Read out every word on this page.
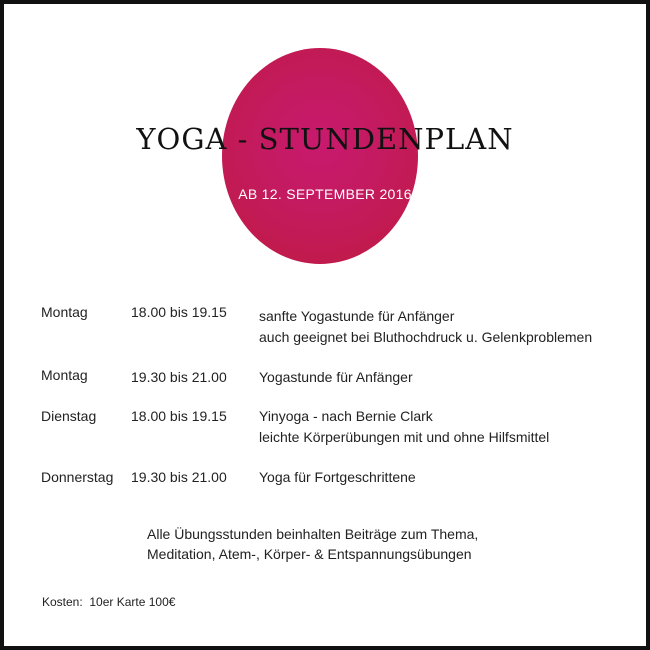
YOGA - STUNDENPLAN
AB 12. SEPTEMBER 2016
Montag	18.00 bis 19.15 sanfte Yogastunde für Anfänger
auch geeignet bei Bluthochdruck u. Gelenkproblemen
Montag	19.30 bis 21.00 Yogastunde für Anfänger
Dienstag 18.00 bis 19.15 Yinyoga - nach Bernie Clark
leichte Körperübungen mit und ohne Hilfsmittel
Donnerstag 19.30 bis 21.00 Yoga für Fortgeschrittene
Alle Übungsstunden beinhalten Beiträge zum Thema,
Meditation, Atem-, Körper- & Entspannungsübungen
Kosten: 10er Karte 100€
